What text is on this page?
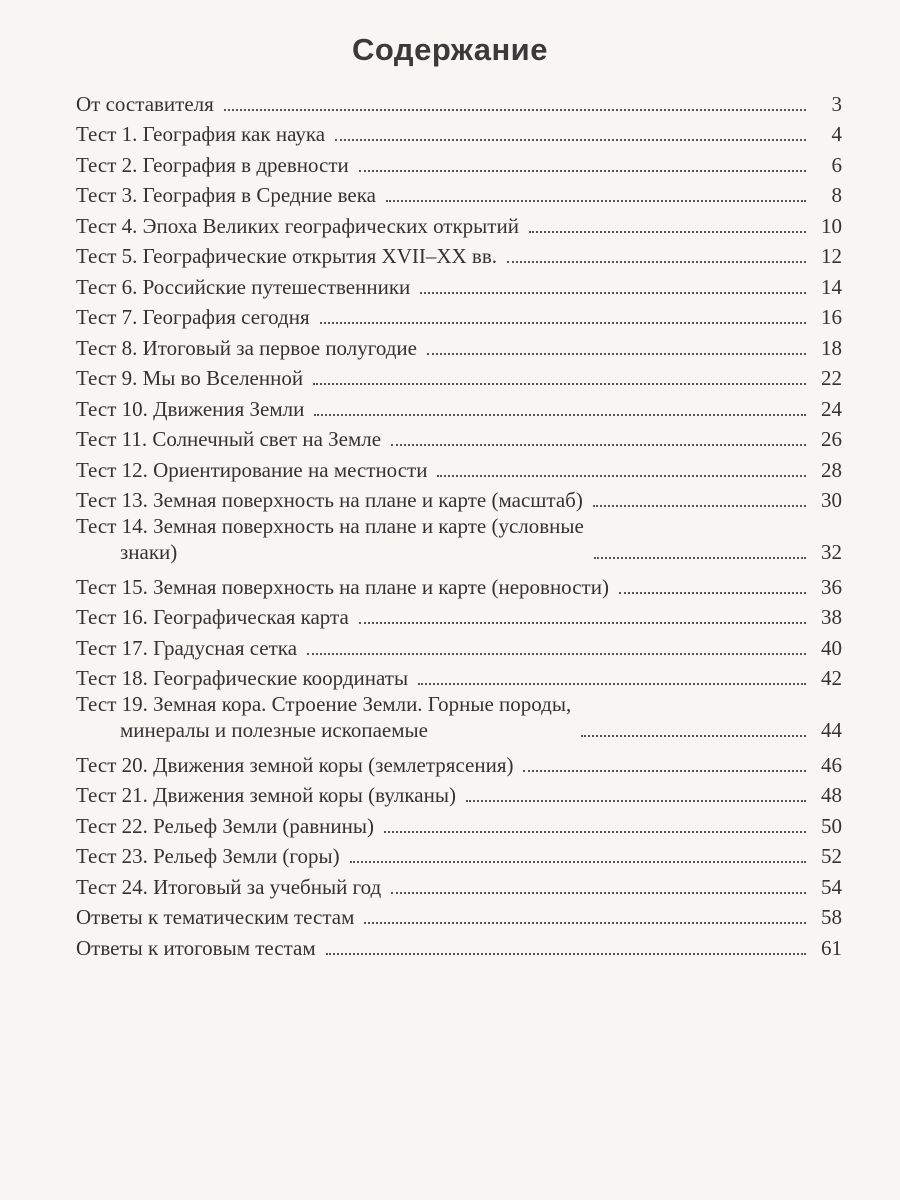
Содержание
От составителя	3
Тест 1. География как наука	4
Тест 2. География в древности	6
Тест 3. География в Средние века	8
Тест 4. Эпоха Великих географических открытий	10
Тест 5. Географические открытия XVII–XX вв.	12
Тест 6. Российские путешественники	14
Тест 7. География сегодня	16
Тест 8. Итоговый за первое полугодие	18
Тест 9. Мы во Вселенной	22
Тест 10. Движения Земли	24
Тест 11. Солнечный свет на Земле	26
Тест 12. Ориентирование на местности	28
Тест 13. Земная поверхность на плане и карте (масштаб)	30
Тест 14. Земная поверхность на плане и карте (условные
знаки)	32
Тест 15. Земная поверхность на плане и карте (неровности)	36
Тест 16. Географическая карта	38
Тест 17. Градусная сетка	40
Тест 18. Географические координаты	42
Тест 19. Земная кора. Строение Земли. Горные породы,
минералы и полезные ископаемые	44
Тест 20. Движения земной коры (землетрясения)	46
Тест 21. Движения земной коры (вулканы)	48
Тест 22. Рельеф Земли (равнины)	50
Тест 23. Рельеф Земли (горы)	52
Тест 24. Итоговый за учебный год	54
Ответы к тематическим тестам	58
Ответы к итоговым тестам	61
